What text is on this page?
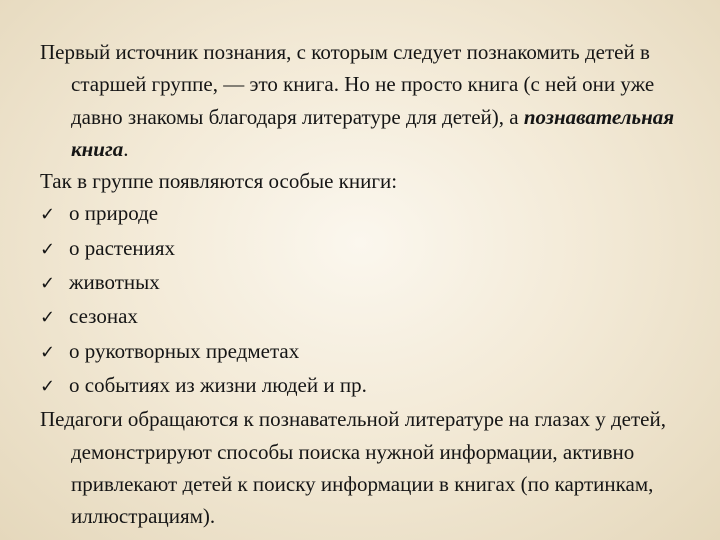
Первый источник познания, с которым следует познакомить детей в старшей группе, — это книга. Но не просто книга (с ней они уже давно знакомы благодаря литературе для детей), а познавательная книга.

Так в группе появляются особые книги:

✓ о природе
✓ о растениях
✓ животных
✓ сезонах
✓ о рукотворных предметах
✓ о событиях из жизни людей и пр.

Педагоги обращаются к познавательной литературе на глазах у детей, демонстрируют способы поиска нужной информации, активно привлекают детей к поиску информации в книгах (по картинкам, иллюстрациям).
